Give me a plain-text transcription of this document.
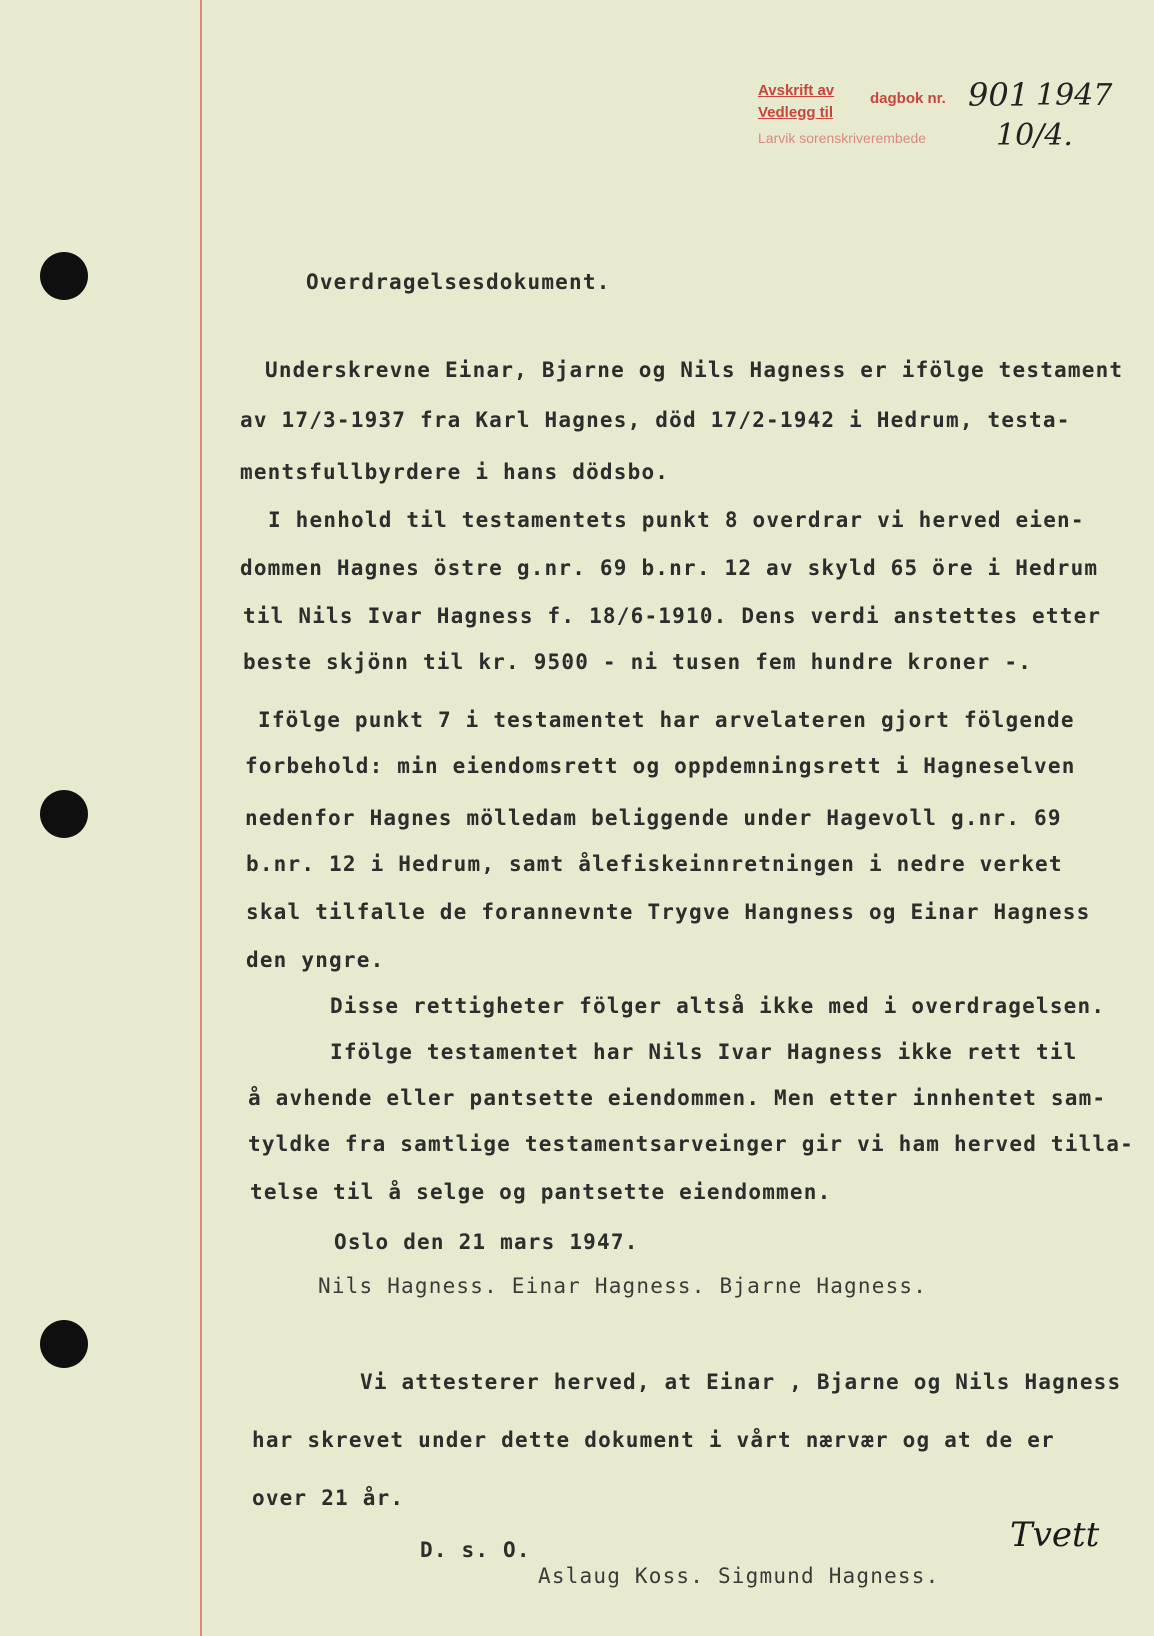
Avskrift av
Vedlegg til
dagbok nr. 901 1947
Larvik sorenskriverembede 10/4.
Overdragelsesdokument.
Underskrevne Einar, Bjarne og Nils Hagness er ifölge testament
av 17/3-1937 fra Karl Hagnes, död 17/2-1942 i Hedrum, testa-
mentsfullbyrdere i hans dödsbo.
I henhold til testamentets punkt 8 overdrar vi herved eien-
dommen Hagnes östre g.nr. 69 b.nr. 12 av skyld 65 öre i Hedrum
til Nils Ivar Hagness f. 18/6-1910. Dens verdi anstettes etter
beste skjönn til kr. 9500 - ni tusen fem hundre kroner -.
Ifölge punkt 7 i testamentet har arvelateren gjort fölgende
forbehold: min eiendomsrett og oppdemningsrett i Hagneselven
nedenfor Hagnes mölledam beliggende under Hagevoll g.nr. 69
b.nr. 12 i Hedrum, samt ålefiskeinnretningen i nedre verket
skal tilfalle de forannevnte Trygve Hangness og Einar Hagness
den yngre.
Disse rettigheter fölger altså ikke med i overdragelsen.
Ifölge testamentet har Nils Ivar Hagness ikke rett til
å avhende eller pantsette eiendommen. Men etter innhentet sam-
tyldke fra samtlige testamentsarveinger gir vi ham herved tilla-
telse til å selge og pantsette eiendommen.
Oslo den 21 mars 1947.
Nils Hagness. Einar Hagness. Bjarne Hagness.
Vi attesterer herved, at Einar , Bjarne og Nils Hagness
har skrevet under dette dokument i vårt nærvær og at de er
over 21 år.
D. s. O.
Aslaug Koss. Sigmund Hagness.
Tvett
